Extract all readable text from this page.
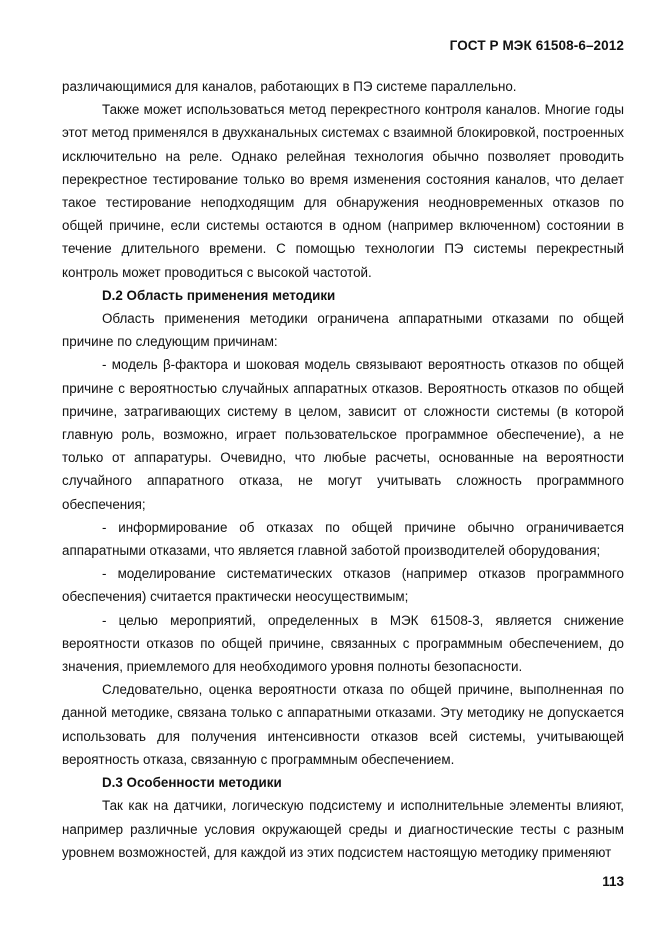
ГОСТ Р МЭК 61508-6–2012

различающимися для каналов, работающих в ПЭ системе параллельно.

Также может использоваться метод перекрестного контроля каналов. Многие годы этот метод применялся в двухканальных системах с взаимной блокировкой, построенных исключительно на реле. Однако релейная технология обычно позволяет проводить перекрестное тестирование только во время изменения состояния каналов, что делает такое тестирование неподходящим для обнаружения неодновременных отказов по общей причине, если системы остаются в одном (например включенном) состоянии в течение длительного времени. С помощью технологии ПЭ системы перекрестный контроль может проводиться с высокой частотой.

D.2 Область применения методики

Область применения методики ограничена аппаратными отказами по общей причине по следующим причинам:

- модель β-фактора и шоковая модель связывают вероятность отказов по общей причине с вероятностью случайных аппаратных отказов. Вероятность отказов по общей причине, затрагивающих систему в целом, зависит от сложности системы (в которой главную роль, возможно, играет пользовательское программное обеспечение), а не только от аппаратуры. Очевидно, что любые расчеты, основанные на вероятности случайного аппаратного отказа, не могут учитывать сложность программного обеспечения;

- информирование об отказах по общей причине обычно ограничивается аппаратными отказами, что является главной заботой производителей оборудования;

- моделирование систематических отказов (например отказов программного обеспечения) считается практически неосуществимым;

- целью мероприятий, определенных в МЭК 61508-3, является снижение вероятности отказов по общей причине, связанных с программным обеспечением, до значения, приемлемого для необходимого уровня полноты безопасности.

Следовательно, оценка вероятности отказа по общей причине, выполненная по данной методике, связана только с аппаратными отказами. Эту методику не допускается использовать для получения интенсивности отказов всей системы, учитывающей вероятность отказа, связанную с программным обеспечением.

D.3 Особенности методики

Так как на датчики, логическую подсистему и исполнительные элементы влияют, например различные условия окружающей среды и диагностические тесты с разным уровнем возможностей, для каждой из этих подсистем настоящую методику применяют

113
